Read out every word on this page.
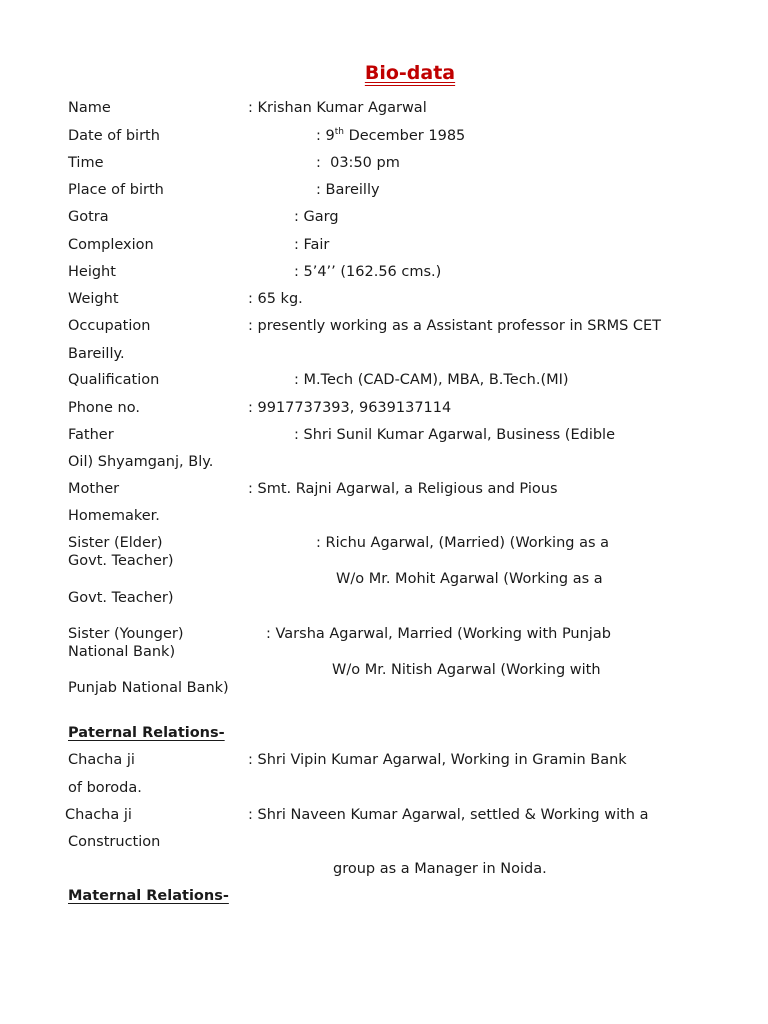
Bio-data
Name	: Krishan Kumar Agarwal
Date of birth	: 9th December 1985
Time	:  03:50 pm
Place of birth	: Bareilly
Gotra	: Garg
Complexion	: Fair
Height	: 5’4’’ (162.56 cms.)
Weight	: 65 kg.
Occupation	: presently working as a Assistant professor in SRMS CET
Bareilly.
Qualification	: M.Tech (CAD-CAM), MBA, B.Tech.(MI)
Phone no.	: 9917737393, 9639137114
Father	: Shri Sunil Kumar Agarwal, Business (Edible
Oil) Shyamganj, Bly.
Mother	: Smt. Rajni Agarwal, a Religious and Pious
Homemaker.
Sister (Elder)	: Richu Agarwal, (Married) (Working as a
Govt. Teacher)
W/o Mr. Mohit Agarwal (Working as a
Govt. Teacher)
Sister (Younger)	: Varsha Agarwal, Married (Working with Punjab
National Bank)
W/o Mr. Nitish Agarwal (Working with
Punjab National Bank)
Paternal Relations-
Chacha ji	: Shri Vipin Kumar Agarwal, Working in Gramin Bank
of boroda.
Chacha ji	: Shri Naveen Kumar Agarwal, settled & Working with a
Construction
group as a Manager in Noida.
Maternal Relations-
